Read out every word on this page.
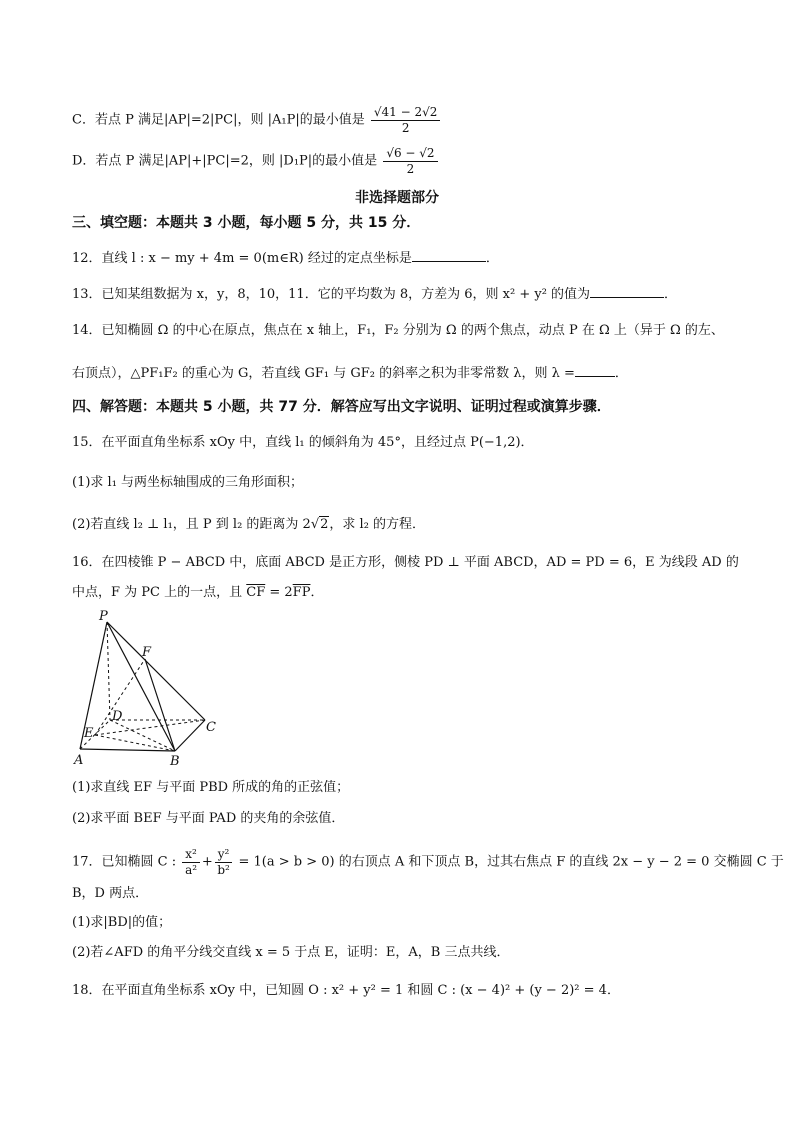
C．若点 P 满足|AP|=2|PC|，则 |A₁P|的最小值是 $\frac{√41 - 2√2}{2}$
D．若点 P 满足|AP|+|PC|=2，则 |D₁P|的最小值是 $\frac{√6 - √2}{2}$
非选择题部分
三、填空题：本题共 3 小题，每小题 5 分，共 15 分．
12．直线 l : x − my + 4m = 0(m∈R) 经过的定点坐标是	．
13．已知某组数据为 x，y，8，10，11．它的平均数为 8，方差为 6，则 x² + y² 的值为	．
14．已知椭圆 Ω 的中心在原点，焦点在 x 轴上，F₁，F₂ 分别为 Ω 的两个焦点，动点 P 在 Ω 上（异于 Ω 的左、
右顶点），△PF₁F₂ 的重心为 G，若直线 GF₁ 与 GF₂ 的斜率之积为非零常数 λ，则 λ =	．
四、解答题：本题共 5 小题，共 77 分．解答应写出文字说明、证明过程或演算步骤．
15．在平面直角坐标系 xOy 中，直线 l₁ 的倾斜角为 45°，且经过点 P(−1,2)．
(1)求 l₁ 与两坐标轴围成的三角形面积；
(2)若直线 l₂ ⊥ l₁，且 P 到 l₂ 的距离为 2√2，求 l₂ 的方程．
16．在四棱锥 P − ABCD 中，底面 ABCD 是正方形，侧棱 PD ⊥ 平面 ABCD，AD = PD = 6，E 为线段 AD 的
中点，F 为 PC 上的一点，且 $\overline{CF} = 2\overline{FP}$．
P
F
D
C
E
A	B
(1)求直线 EF 与平面 PBD 所成的角的正弦值；
(2)求平面 BEF 与平面 PAD 的夹角的余弦值．
17．已知椭圆 C : $\frac{\text{x²}}{\text{a²}} + \frac{\text{y²}}{\text{b²}} = 1(a > b > 0)$ 的右顶点 A 和下顶点 B，过其右焦点 F 的直线 2x − y − 2 = 0 交椭圆 C 于
B，D 两点．
(1)求|BD|的值；
(2)若∠AFD 的角平分线交直线 x = 5 于点 E，证明：E，A，B 三点共线．
18．在平面直角坐标系 xOy 中，已知圆 O : x² + y² = 1 和圆 C : (x − 4)² + (y − 2)² = 4．
